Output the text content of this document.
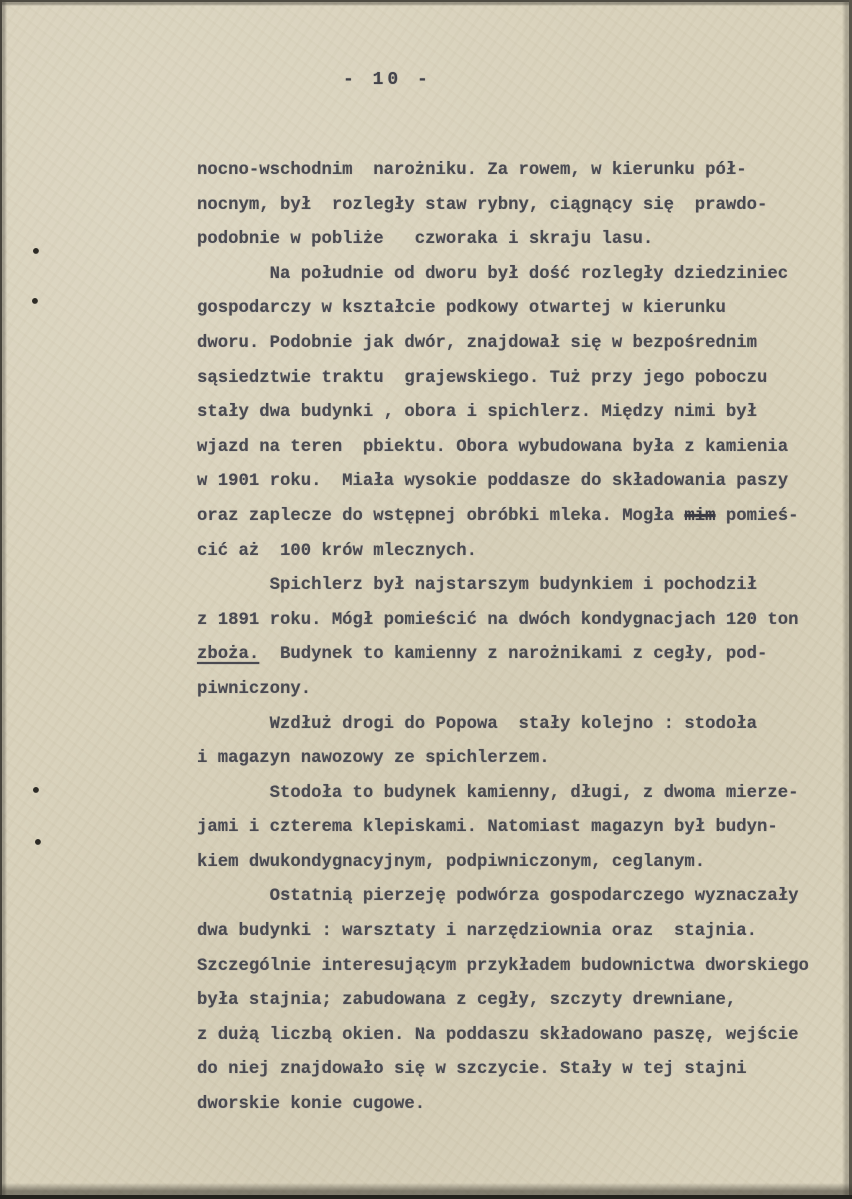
- 10 -
nocno-wschodnim  narożniku. Za rowem, w kierunku pół-
nocnym, był  rozległy staw rybny, ciągnący się  prawdo-
podobnie w pobliże   czworaka i skraju lasu.
Na południe od dworu był dość rozległy dziedziniec
gospodarczy w kształcie podkowy otwartej w kierunku
dworu. Podobnie jak dwór, znajdował się w bezpośrednim
sąsiedztwie traktu  grajewskiego. Tuż przy jego poboczu
stały dwa budynki , obora i spichlerz. Między nimi był
wjazd na teren  pbiektu. Obora wybudowana była z kamienia
w 1901 roku.  Miała wysokie poddasze do składowania paszy
oraz zaplecze do wstępnej obróbki mleka. Mogła mim pomieś-
cić aż  100 krów mlecznych.
Spichlerz był najstarszym budynkiem i pochodził
z 1891 roku. Mógł pomieścić na dwóch kondygnacjach 120 ton
zboża.  Budynek to kamienny z narożnikami z cegły, pod-
piwniczony.
Wzdłuż drogi do Popowa  stały kolejno : stodoła
i magazyn nawozowy ze spichlerzem.
Stodoła to budynek kamienny, długi, z dwoma mierze-
jami i czterema klepiskami. Natomiast magazyn był budyn-
kiem dwukondygnacyjnym, podpiwniczonym, ceglanym.
Ostatnią pierzeję podwórza gospodarczego wyznaczały
dwa budynki : warsztaty i narzędziownia oraz  stajnia.
Szczególnie interesującym przykładem budownictwa dworskiego
była stajnia; zabudowana z cegły, szczyty drewniane,
z dużą liczbą okien. Na poddaszu składowano paszę, wejście
do niej znajdowało się w szczycie. Stały w tej stajni
dworskie konie cugowe.
